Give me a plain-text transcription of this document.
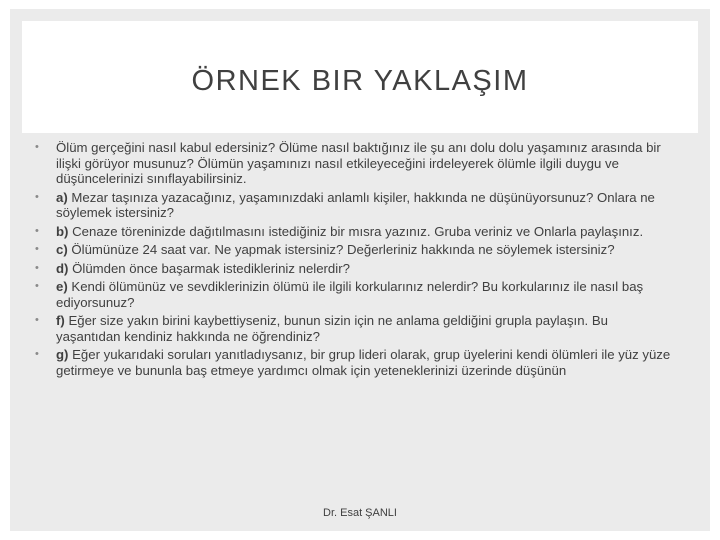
ÖRNEK BIR YAKLAŞIM
• Ölüm gerçeğini nasıl kabul edersiniz? Ölüme nasıl baktığınız ile şu anı dolu dolu yaşamınız arasında bir ilişki görüyor musunuz? Ölümün yaşamınızı nasıl etkileyeceğini irdeleyerek ölümle ilgili duygu ve düşüncelerinizi sınıflayabilirsiniz.
• a) Mezar taşınıza yazacağınız, yaşamınızdaki anlamlı kişiler, hakkında ne düşünüyorsunuz? Onlara ne söylemek istersiniz?
• b) Cenaze töreninizde dağıtılmasını istediğiniz bir mısra yazınız. Gruba veriniz ve Onlarla paylaşınız.
• c) Ölümünüze 24 saat var. Ne yapmak istersiniz? Değerleriniz hakkında ne söylemek istersiniz?
• d) Ölümden önce başarmak istedikleriniz nelerdir?
• e) Kendi ölümünüz ve sevdiklerinizin ölümü ile ilgili korkularınız nelerdir? Bu korkularınız ile nasıl baş ediyorsunuz?
• f) Eğer size yakın birini kaybettiyseniz, bunun sizin için ne anlama geldiğini grupla paylaşın. Bu yaşantıdan kendiniz hakkında ne öğrendiniz?
• g) Eğer yukarıdaki soruları yanıtladıysanız, bir grup lideri olarak, grup üyelerini kendi ölümleri ile yüz yüze getirmeye ve bununla baş etmeye yardımcı olmak için yeteneklerinizi üzerinde düşünün
Dr. Esat ŞANLI
